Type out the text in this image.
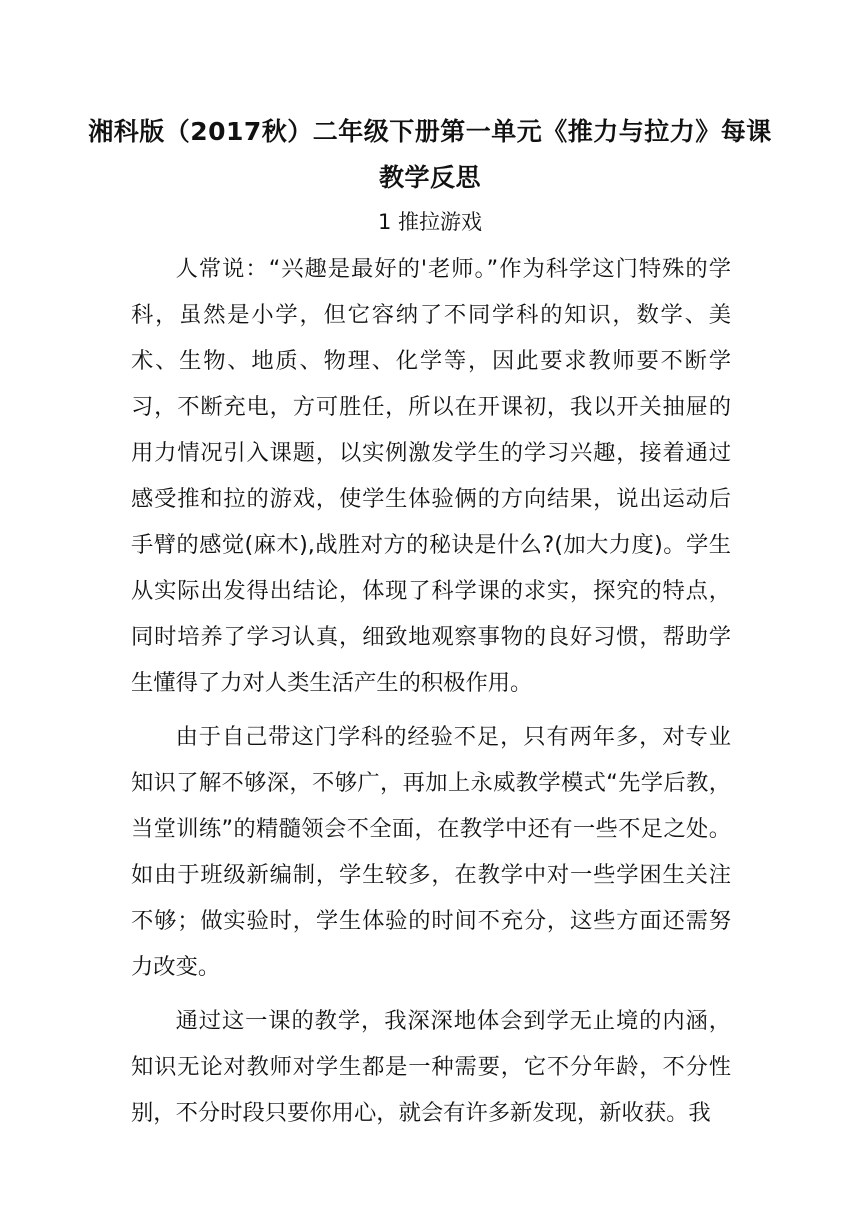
湘科版（2017秋）二年级下册第一单元《推力与拉力》每课
教学反思
1 推拉游戏

人常说：“兴趣是最好的'老师。”作为科学这门特殊的学科，虽然是小学，但它容纳了不同学科的知识，数学、美术、生物、地质、物理、化学等，因此要求教师要不断学习，不断充电，方可胜任，所以在开课初，我以开关抽屉的用力情况引入课题，以实例激发学生的学习兴趣，接着通过感受推和拉的游戏，使学生体验俩的方向结果，说出运动后手臂的感觉(麻木),战胜对方的秘诀是什么?(加大力度)。学生从实际出发得出结论，体现了科学课的求实，探究的特点，同时培养了学习认真，细致地观察事物的良好习惯，帮助学生懂得了力对人类生活产生的积极作用。

由于自己带这门学科的经验不足，只有两年多，对专业知识了解不够深，不够广，再加上永威教学模式“先学后教，当堂训练”的精髓领会不全面，在教学中还有一些不足之处。如由于班级新编制，学生较多，在教学中对一些学困生关注不够；做实验时，学生体验的时间不充分，这些方面还需努力改变。

通过这一课的教学，我深深地体会到学无止境的内涵，知识无论对教师对学生都是一种需要，它不分年龄，不分性别，不分时段只要你用心，就会有许多新发现，新收获。我
